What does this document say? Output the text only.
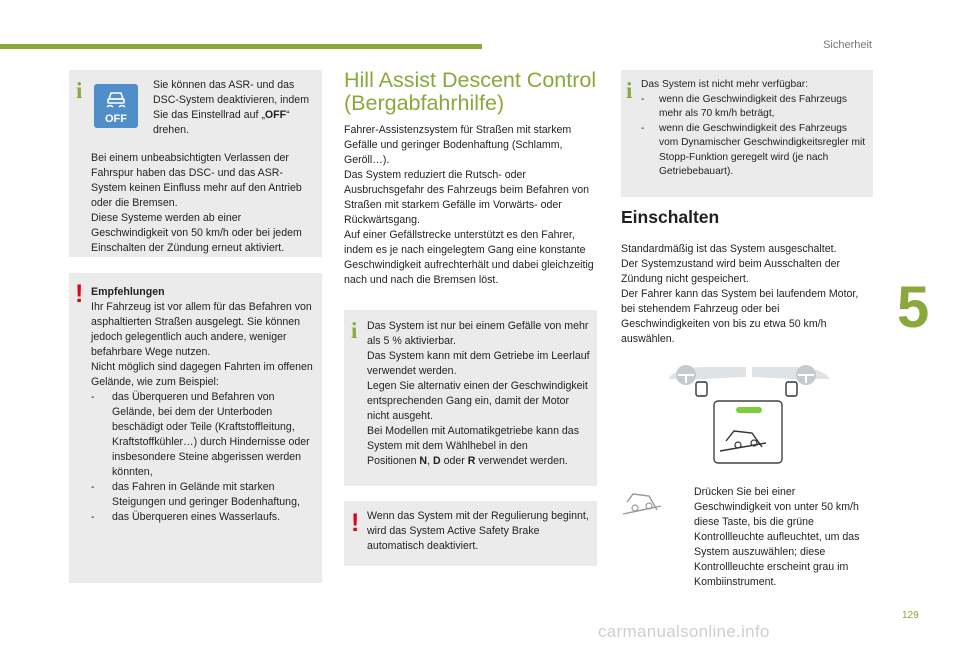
Sicherheit
5
129
carmanualsonline.info
i
OFF
Sie können das ASR- und das DSC-System deaktivieren, indem Sie das Einstellrad auf „OFF“ drehen.

Bei einem unbeabsichtigten Verlassen der Fahrspur haben das DSC- und das ASR-System keinen Einfluss mehr auf den Antrieb oder die Bremsen.
Diese Systeme werden ab einer Geschwindigkeit von 50 km/h oder bei jedem Einschalten der Zündung erneut aktiviert.

! Empfehlungen

Ihr Fahrzeug ist vor allem für das Befahren von asphaltierten Straßen ausgelegt. Sie können jedoch gelegentlich auch andere, weniger befahrbare Wege nutzen.
Nicht möglich sind dagegen Fahrten im offenen Gelände, wie zum Beispiel:

- das Überqueren und Befahren von Gelände, bei dem der Unterboden beschädigt oder Teile (Kraftstoffleitung, Kraftstoffkühler…) durch Hindernisse oder insbesondere Steine abgerissen werden könnten,
- das Fahren in Gelände mit starken Steigungen und geringer Bodenhaftung,
- das Überqueren eines Wasserlaufs.
Hill Assist Descent Control (Bergabfahrhilfe)

Fahrer-Assistenzsystem für Straßen mit starkem Gefälle und geringer Bodenhaftung (Schlamm, Geröll…).
Das System reduziert die Rutsch- oder Ausbruchsgefahr des Fahrzeugs beim Befahren von Straßen mit starkem Gefälle im Vorwärts- oder Rückwärtsgang.
Auf einer Gefällstrecke unterstützt es den Fahrer, indem es je nach eingelegtem Gang eine konstante Geschwindigkeit aufrechterhält und dabei gleichzeitig nach und nach die Bremsen löst.

i Das System ist nur bei einem Gefälle von mehr als 5 % aktivierbar.
Das System kann mit dem Getriebe im Leerlauf verwendet werden.
Legen Sie alternativ einen der Geschwindigkeit entsprechenden Gang ein, damit der Motor nicht ausgeht.
Bei Modellen mit Automatikgetriebe kann das System mit dem Wählhebel in den

Positionen N, D oder R verwendet werden.
! Wenn das System mit der Regulierung beginnt, wird das System Active Safety Brake automatisch deaktiviert.

i Das System ist nicht mehr verfügbar:

- wenn die Geschwindigkeit des Fahrzeugs mehr als 70 km/h beträgt,
- wenn die Geschwindigkeit des Fahrzeugs vom Dynamischer Geschwindigkeitsregler mit Stopp-Funktion geregelt wird (je nach Getriebebauart).
Einschalten

Standardmäßig ist das System ausgeschaltet.
Der Systemzustand wird beim Ausschalten der Zündung nicht gespeichert.
Der Fahrer kann das System bei laufendem Motor, bei stehendem Fahrzeug oder bei Geschwindigkeiten von bis zu etwa 50 km/h auswählen.

Drücken Sie bei einer Geschwindigkeit von unter 50 km/h diese Taste, bis die grüne Kontrollleuchte aufleuchtet, um das System auszuwählen; diese Kontrollleuchte erscheint grau im Kombiinstrument.
